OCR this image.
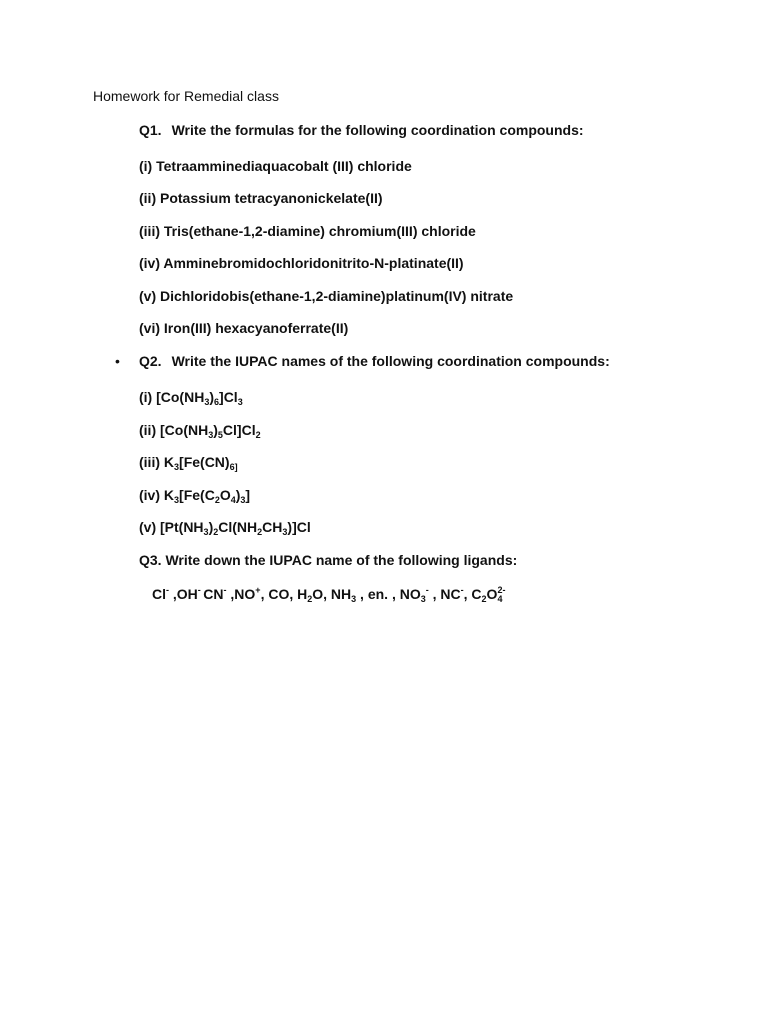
Homework for Remedial class
Q1. Write the formulas for the following coordination compounds:
(i) Tetraamminediaquacobalt (III) chloride
(ii) Potassium tetracyanonickelate(II)
(iii) Tris(ethane-1,2-diamine) chromium(III) chloride
(iv) Amminebromidochloridonitrito-N-platinate(II)
(v) Dichloridobis(ethane-1,2-diamine)platinum(IV) nitrate
(vi) Iron(III) hexacyanoferrate(II)
• Q2. Write the IUPAC names of the following coordination compounds:
(i) $[Co(NH_3)_6]Cl_3$
(ii) $[Co(NH_3)_5Cl]Cl_2$
(iii) $K_3[Fe(CN)_{6]}$
(iv) $K_3[Fe(C_2O_4)_3]$
(v) $[Pt(NH_3)_2Cl(NH_2CH_3)]Cl$
Q3. Write down the IUPAC name of the following ligands:
Cl- ,OH- CN- ,NO+, CO, $H_2O$, $NH_3$ , en. , $NO_3^-$ , NC-, $C_2O_4^{2-}$
